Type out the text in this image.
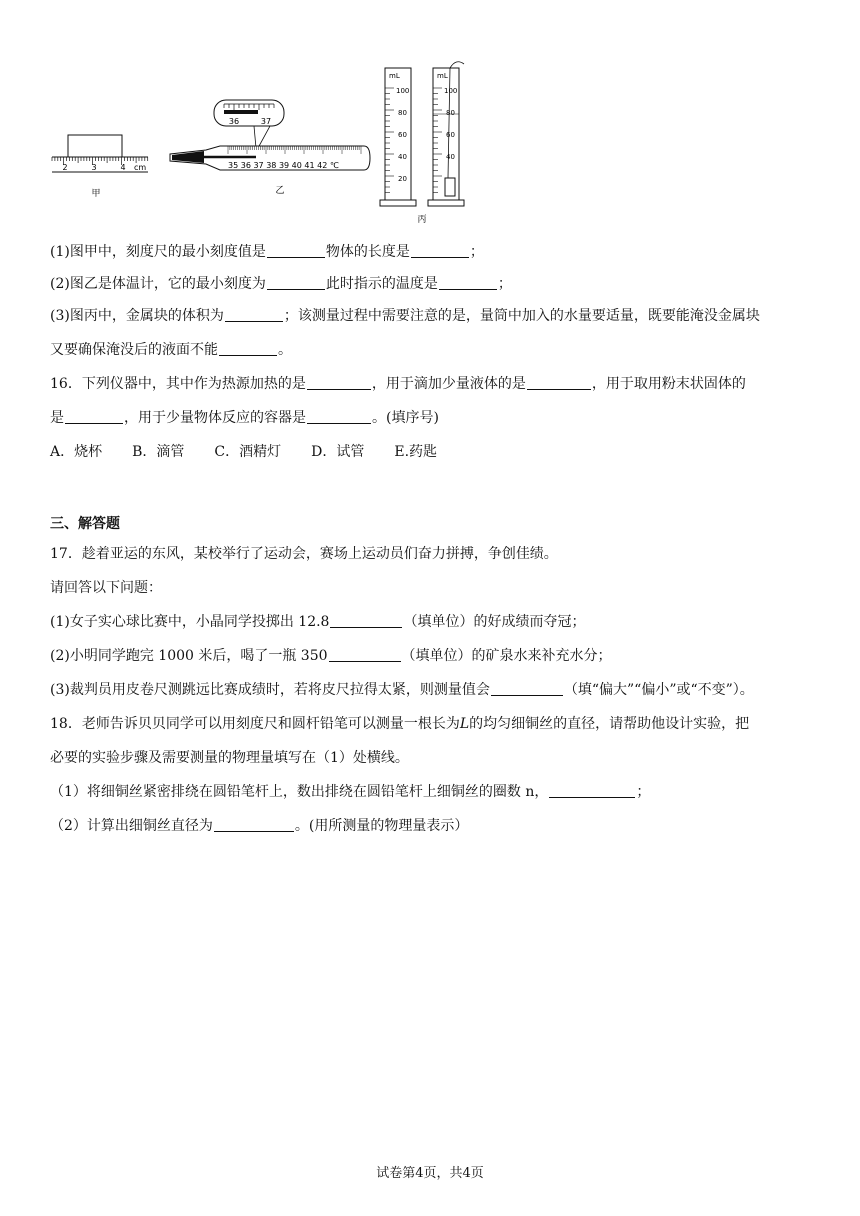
2	3	4 cm
甲
36	37
35 36 37 38 39 40 41 42 ℃
乙
mL
100
80
60
40
20
mL
100
80
60
40
丙
(1)图甲中，刻度尺的最小刻度值是	物体的长度是	；
(2)图乙是体温计，它的最小刻度为	此时指示的温度是	；
(3)图丙中，金属块的体积为	；该测量过程中需要注意的是，量筒中加入的水量要适量，既要能淹没金属块
又要确保淹没后的液面不能	。
16．下列仪器中，其中作为热源加热的是	，用于滴加少量液体的是	，用于取用粉末状固体的
是	，用于少量物体反应的容器是	。(填序号)
A．烧杯 B．滴管 C．酒精灯 D．试管 E.药匙
三、解答题
17．趁着亚运的东风，某校举行了运动会，赛场上运动员们奋力拼搏，争创佳绩。
请回答以下问题：
(1)女子实心球比赛中，小晶同学投掷出 12.8	（填单位）的好成绩而夺冠；
(2)小明同学跑完 1000 米后，喝了一瓶 350	（填单位）的矿泉水来补充水分；
(3)裁判员用皮卷尺测跳远比赛成绩时，若将皮尺拉得太紧，则测量值会	（填“偏大”“偏小”或“不变”）。
18．老师告诉贝贝同学可以用刻度尺和圆杆铅笔可以测量一根长为L的均匀细铜丝的直径，请帮助他设计实验，把
必要的实验步骤及需要测量的物理量填写在（1）处横线。
（1）将细铜丝紧密排绕在圆铅笔杆上，数出排绕在圆铅笔杆上细铜丝的圈数 n，	；
（2）计算出细铜丝直径为	。(用所测量的物理量表示）
试卷第4页，共4页
